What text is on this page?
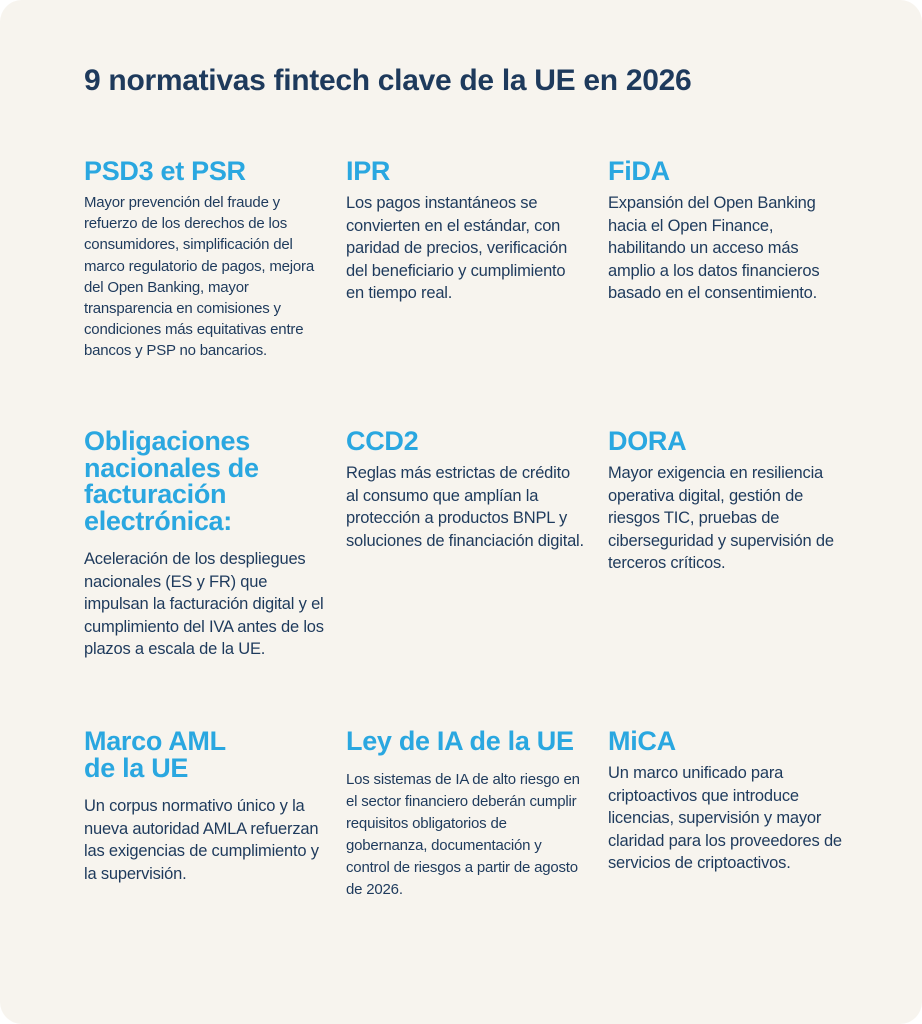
9 normativas fintech clave de la UE en 2026
PSD3 et PSR

Mayor prevención del fraude y refuerzo de los derechos de los consumidores, simplificación del marco regulatorio de pagos, mejora del Open Banking, mayor transparencia en comisiones y condiciones más equitativas entre bancos y PSP no bancarios.

IPR

Los pagos instantáneos se convierten en el estándar, con paridad de precios, verificación del beneficiario y cumplimiento en tiempo real.

FiDA

Expansión del Open Banking hacia el Open Finance, habilitando un acceso más amplio a los datos financieros basado en el consentimiento.

Obligaciones nacionales de facturación electrónica:

Aceleración de los despliegues nacionales (ES y FR) que impulsan la facturación digital y el cumplimiento del IVA antes de los plazos a escala de la UE.

CCD2

Reglas más estrictas de crédito al consumo que amplían la protección a productos BNPL y soluciones de financiación digital.

DORA

Mayor exigencia en resiliencia operativa digital, gestión de riesgos TIC, pruebas de ciberseguridad y supervisión de terceros críticos.

Marco AML de la UE

Un corpus normativo único y la nueva autoridad AMLA refuerzan las exigencias de cumplimiento y la supervisión.

Ley de IA de la UE

Los sistemas de IA de alto riesgo en el sector financiero deberán cumplir requisitos obligatorios de gobernanza, documentación y control de riesgos a partir de agosto de 2026.

MiCA

Un marco unificado para criptoactivos que introduce licencias, supervisión y mayor claridad para los proveedores de servicios de criptoactivos.
